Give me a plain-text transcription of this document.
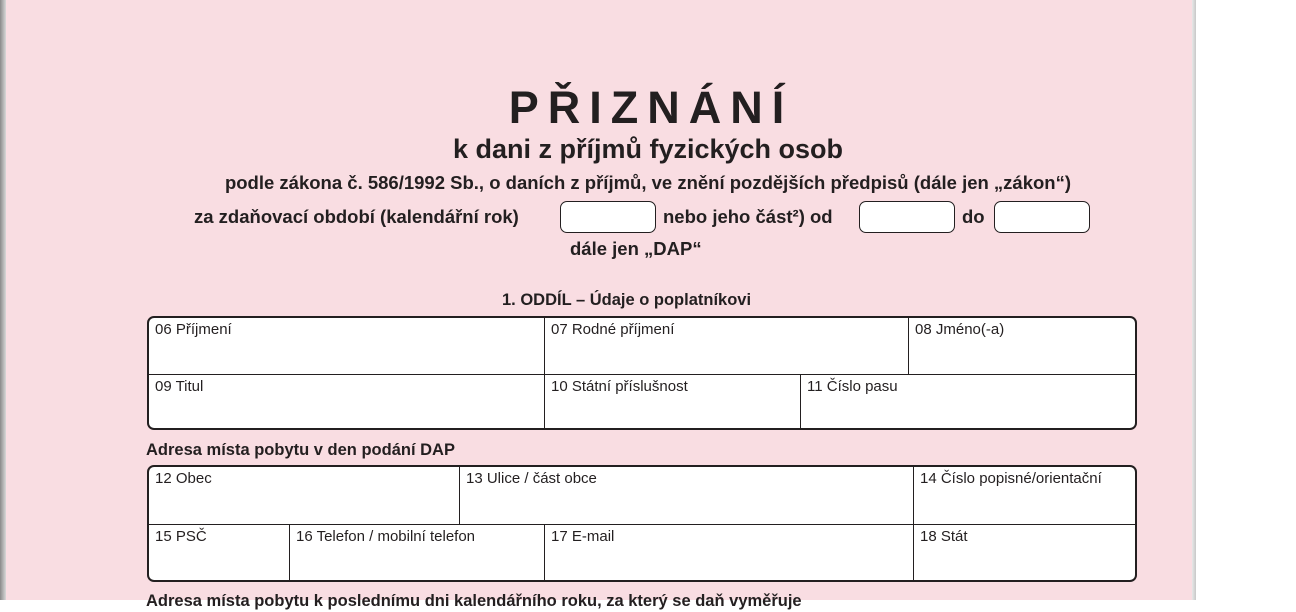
PŘIZNÁNÍ
k dani z příjmů fyzických osob
podle zákona č. 586/1992 Sb., o daních z příjmů, ve znění pozdějších předpisů (dále jen „zákon“)
za zdaňovací období (kalendářní rok)	nebo jeho část²) od	do
dále jen „DAP“
1. ODDÍL – Údaje o poplatníkovi
06 Příjmení	07 Rodné příjmení	08 Jméno(-a)
09 Titul	10 Státní příslušnost	11 Číslo pasu
Adresa místa pobytu v den podání DAP
12 Obec	13 Ulice / část obce	14 Číslo popisné/orientační
15 PSČ	16 Telefon / mobilní telefon	17 E-mail	18 Stát
Adresa místa pobytu k poslednímu dni kalendářního roku, za který se daň vyměřuje
